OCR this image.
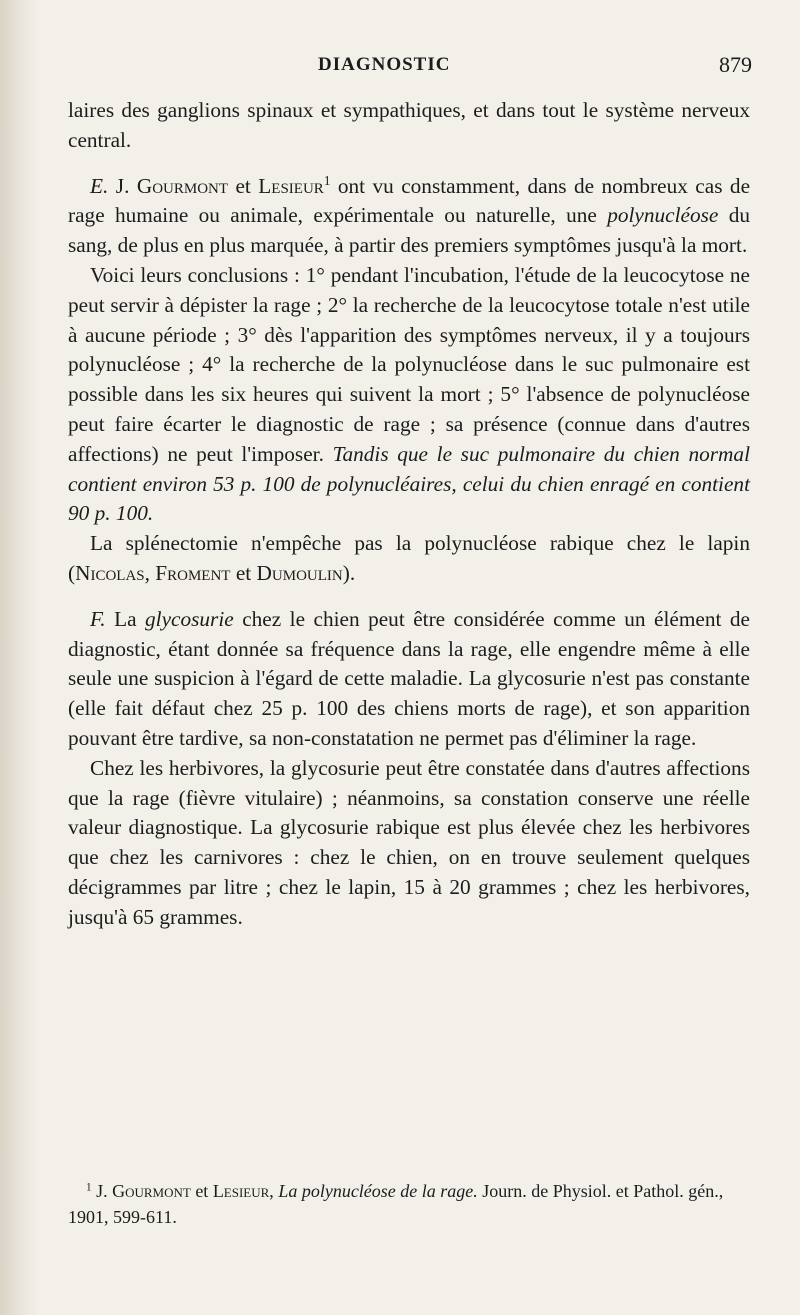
DIAGNOSTIC	879

laires des ganglions spinaux et sympathiques, et dans tout le système nerveux central.

E. J. Gourmont et Lesieur$^1$ ont vu constamment, dans de nombreux cas de rage humaine ou animale, expérimentale ou naturelle, une polynucléose du sang, de plus en plus marquée, à partir des premiers symptômes jusqu'à la mort.

Voici leurs conclusions : 1° pendant l'incubation, l'étude de la leucocytose ne peut servir à dépister la rage ; 2° la recherche de la leucocytose totale n'est utile à aucune période ; 3° dès l'apparition des symptômes nerveux, il y a toujours polynucléose ; 4° la recherche de la polynucléose dans le suc pulmonaire est possible dans les six heures qui suivent la mort ; 5° l'absence de polynucléose peut faire écarter le diagnostic de rage ; sa présence (connue dans d'autres affections) ne peut l'imposer. Tandis que le suc pulmonaire du chien normal contient environ 53 p. 100 de polynucléaires, celui du chien enragé en contient 90 p. 100.

La splénectomie n'empêche pas la polynucléose rabique chez le lapin (Nicolas, Froment et Dumoulin).

F. La glycosurie chez le chien peut être considérée comme un élément de diagnostic, étant donnée sa fréquence dans la rage, elle engendre même à elle seule une suspicion à l'égard de cette maladie. La glycosurie n'est pas constante (elle fait défaut chez 25 p. 100 des chiens morts de rage), et son apparition pouvant être tardive, sa non-constatation ne permet pas d'éliminer la rage.

Chez les herbivores, la glycosurie peut être constatée dans d'autres affections que la rage (fièvre vitulaire) ; néanmoins, sa constation conserve une réelle valeur diagnostique. La glycosurie rabique est plus élevée chez les herbivores que chez les carnivores : chez le chien, on en trouve seulement quelques décigrammes par litre ; chez le lapin, 15 à 20 grammes ; chez les herbivores, jusqu'à 65 grammes.

$^1$ J. Gourmont et Lesieur, La polynucléose de la rage. Journ. de Physiol. et Pathol. gén., 1901, 599-611.
